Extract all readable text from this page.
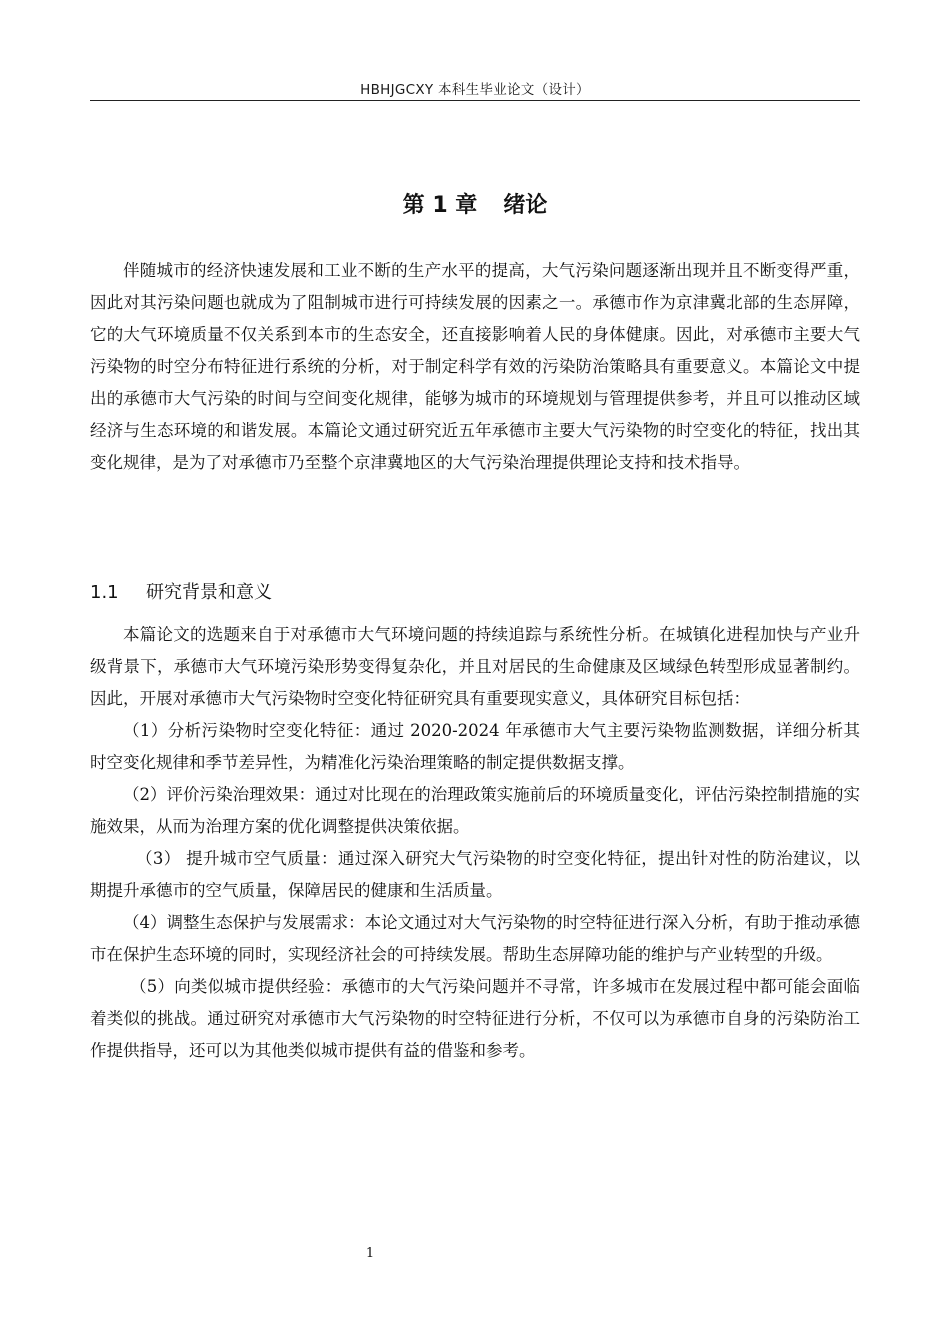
HBHJGCXY 本科生毕业论文（设计）
第 1 章 绪论

伴随城市的经济快速发展和工业不断的生产水平的提高，大气污染问题逐渐出现并且不断变得严重，因此对其污染问题也就成为了阻制城市进行可持续发展的因素之一。承德市作为京津冀北部的生态屏障，它的大气环境质量不仅关系到本市的生态安全，还直接影响着人民的身体健康。因此，对承德市主要大气污染物的时空分布特征进行系统的分析，对于制定科学有效的污染防治策略具有重要意义。本篇论文中提出的承德市大气污染的时间与空间变化规律，能够为城市的环境规划与管理提供参考，并且可以推动区域经济与生态环境的和谐发展。本篇论文通过研究近五年承德市主要大气污染物的时空变化的特征，找出其变化规律，是为了对承德市乃至整个京津冀地区的大气污染治理提供理论支持和技术指导。

1.1 研究背景和意义

本篇论文的选题来自于对承德市大气环境问题的持续追踪与系统性分析。在城镇化进程加快与产业升级背景下，承德市大气环境污染形势变得复杂化，并且对居民的生命健康及区域绿色转型形成显著制约。因此，开展对承德市大气污染物时空变化特征研究具有重要现实意义，具体研究目标包括：

（1）分析污染物时空变化特征：通过 2020-2024 年承德市大气主要污染物监测数据，详细分析其时空变化规律和季节差异性，为精准化污染治理策略的制定提供数据支撑。

（2）评价污染治理效果：通过对比现在的治理政策实施前后的环境质量变化，评估污染控制措施的实施效果，从而为治理方案的优化调整提供决策依据。

（3） 提升城市空气质量：通过深入研究大气污染物的时空变化特征，提出针对性的防治建议，以期提升承德市的空气质量，保障居民的健康和生活质量。

（4）调整生态保护与发展需求：本论文通过对大气污染物的时空特征进行深入分析，有助于推动承德市在保护生态环境的同时，实现经济社会的可持续发展。帮助生态屏障功能的维护与产业转型的升级。

（5）向类似城市提供经验：承德市的大气污染问题并不寻常，许多城市在发展过程中都可能会面临着类似的挑战。通过研究对承德市大气污染物的时空特征进行分析，不仅可以为承德市自身的污染防治工作提供指导，还可以为其他类似城市提供有益的借鉴和参考。

1
